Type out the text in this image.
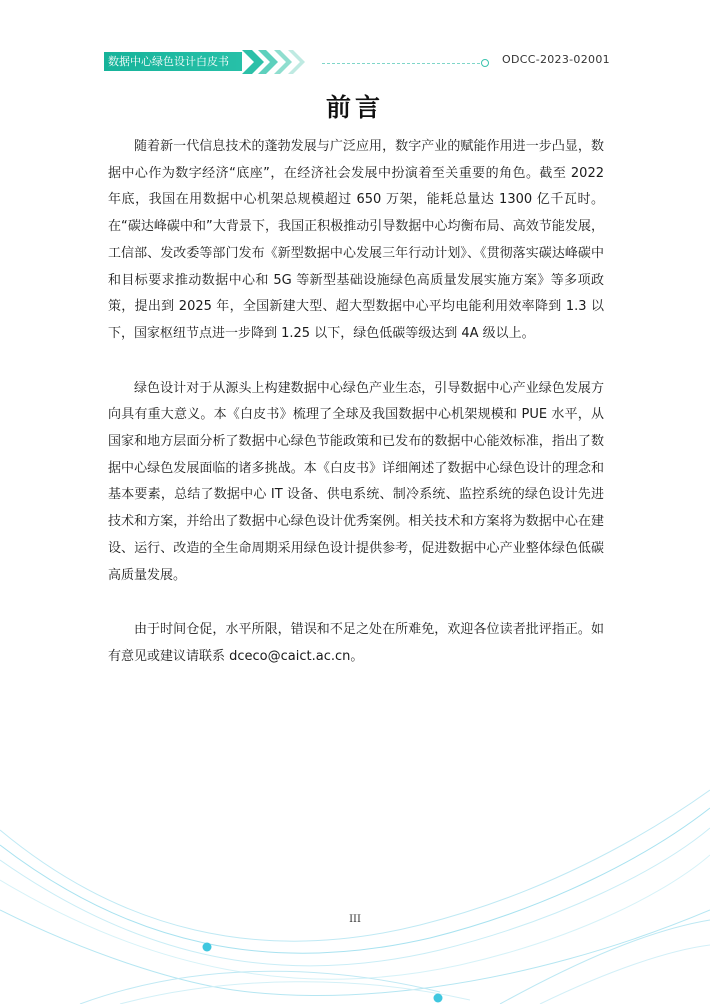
数据中心绿色设计白皮书	ODCC-2023-02001
前言

随着新一代信息技术的蓬勃发展与广泛应用，数字产业的赋能作用进一步凸显，数据中心作为数字经济“底座”，在经济社会发展中扮演着至关重要的角色。截至 2022 年底，我国在用数据中心机架总规模超过 650 万架，能耗总量达 1300 亿千瓦时。在“碳达峰碳中和”大背景下，我国正积极推动引导数据中心均衡布局、高效节能发展，工信部、发改委等部门发布《新型数据中心发展三年行动计划》、《贯彻落实碳达峰碳中和目标要求推动数据中心和 5G 等新型基础设施绿色高质量发展实施方案》等多项政策，提出到 2025 年，全国新建大型、超大型数据中心平均电能利用效率降到 1.3 以下，国家枢纽节点进一步降到 1.25 以下，绿色低碳等级达到 4A 级以上。

绿色设计对于从源头上构建数据中心绿色产业生态，引导数据中心产业绿色发展方向具有重大意义。本《白皮书》梳理了全球及我国数据中心机架规模和 PUE 水平，从国家和地方层面分析了数据中心绿色节能政策和已发布的数据中心能效标准，指出了数据中心绿色发展面临的诸多挑战。本《白皮书》详细阐述了数据中心绿色设计的理念和基本要素，总结了数据中心 IT 设备、供电系统、制冷系统、监控系统的绿色设计先进技术和方案，并给出了数据中心绿色设计优秀案例。相关技术和方案将为数据中心在建设、运行、改造的全生命周期采用绿色设计提供参考，促进数据中心产业整体绿色低碳高质量发展。

由于时间仓促，水平所限，错误和不足之处在所难免，欢迎各位读者批评指正。如有意见或建议请联系 dceco@caict.ac.cn。

III
